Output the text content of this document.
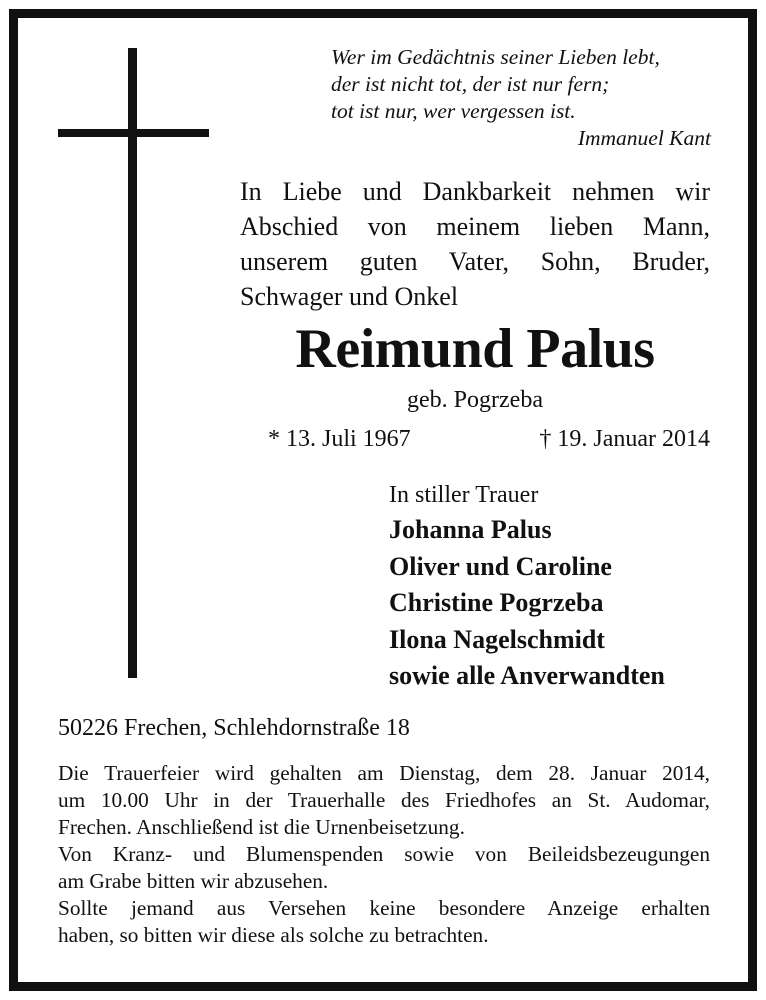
Wer im Gedächtnis seiner Lieben lebt,
der ist nicht tot, der ist nur fern;
tot ist nur, wer vergessen ist.
Immanuel Kant
In Liebe und Dankbarkeit nehmen wir
Abschied von meinem lieben Mann,
unserem guten Vater, Sohn, Bruder,
Schwager und Onkel
Reimund Palus
geb. Pogrzeba
* 13. Juli 1967	† 19. Januar 2014
In stiller Trauer
Johanna Palus
Oliver und Caroline
Christine Pogrzeba
Ilona Nagelschmidt
sowie alle Anverwandten
50226 Frechen, Schlehdornstraße 18
Die Trauerfeier wird gehalten am Dienstag, dem 28. Januar 2014,
um 10.00 Uhr in der Trauerhalle des Friedhofes an St. Audomar,
Frechen. Anschließend ist die Urnenbeisetzung.
Von Kranz- und Blumenspenden sowie von Beileidsbezeugungen
am Grabe bitten wir abzusehen.
Sollte jemand aus Versehen keine besondere Anzeige erhalten
haben, so bitten wir diese als solche zu betrachten.
